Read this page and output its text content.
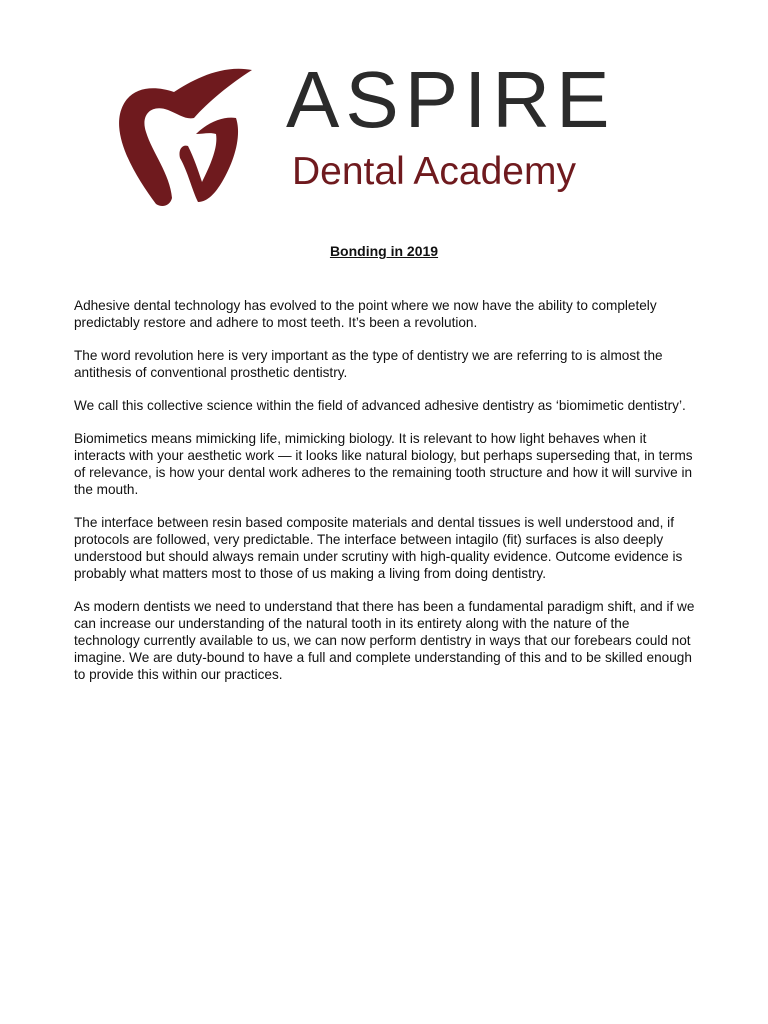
ASPIRE
Dental Academy
Bonding in 2019

Adhesive dental technology has evolved to the point where we now have the ability to completely predictably restore and adhere to most teeth. It’s been a revolution.

The word revolution here is very important as the type of dentistry we are referring to is almost the antithesis of conventional prosthetic dentistry.

We call this collective science within the field of advanced adhesive dentistry as ‘biomimetic dentistry’.

Biomimetics means mimicking life, mimicking biology. It is relevant to how light behaves when it interacts with your aesthetic work — it looks like natural biology, but perhaps superseding that, in terms of relevance, is how your dental work adheres to the remaining tooth structure and how it will survive in the mouth.

The interface between resin based composite materials and dental tissues is well understood and, if protocols are followed, very predictable. The interface between intagilo (fit) surfaces is also deeply understood but should always remain under scrutiny with high-quality evidence. Outcome evidence is probably what matters most to those of us making a living from doing dentistry.

As modern dentists we need to understand that there has been a fundamental paradigm shift, and if we can increase our understanding of the natural tooth in its entirety along with the nature of the technology currently available to us, we can now perform dentistry in ways that our forebears could not imagine. We are duty-bound to have a full and complete understanding of this and to be skilled enough to provide this within our practices.
